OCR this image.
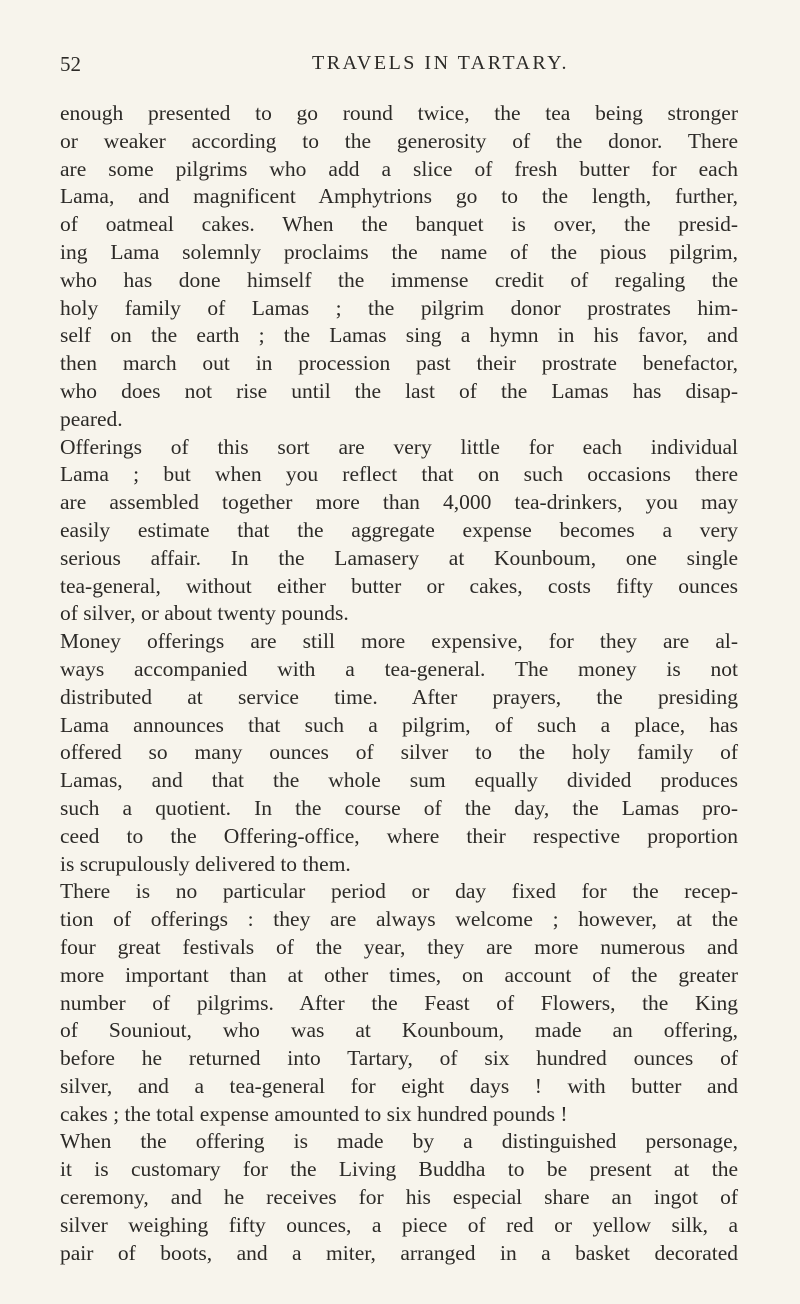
52	TRAVELS IN TARTARY.
enough presented to go round twice, the tea being stronger
or weaker according to the generosity of the donor. There
are some pilgrims who add a slice of fresh butter for each
Lama, and magnificent Amphytrions go to the length, further,
of oatmeal cakes. When the banquet is over, the presid-
ing Lama solemnly proclaims the name of the pious pilgrim,
who has done himself the immense credit of regaling the
holy family of Lamas ; the pilgrim donor prostrates him-
self on the earth ; the Lamas sing a hymn in his favor, and
then march out in procession past their prostrate benefactor,
who does not rise until the last of the Lamas has disap-
peared.
Offerings of this sort are very little for each individual
Lama ; but when you reflect that on such occasions there
are assembled together more than 4,000 tea-drinkers, you may
easily estimate that the aggregate expense becomes a very
serious affair. In the Lamasery at Kounboum, one single
tea-general, without either butter or cakes, costs fifty ounces
of silver, or about twenty pounds.
Money offerings are still more expensive, for they are al-
ways accompanied with a tea-general. The money is not
distributed at service time. After prayers, the presiding
Lama announces that such a pilgrim, of such a place, has
offered so many ounces of silver to the holy family of
Lamas, and that the whole sum equally divided produces
such a quotient. In the course of the day, the Lamas pro-
ceed to the Offering-office, where their respective proportion
is scrupulously delivered to them.
There is no particular period or day fixed for the recep-
tion of offerings : they are always welcome ; however, at the
four great festivals of the year, they are more numerous and
more important than at other times, on account of the greater
number of pilgrims. After the Feast of Flowers, the King
of Souniout, who was at Kounboum, made an offering,
before he returned into Tartary, of six hundred ounces of
silver, and a tea-general for eight days ! with butter and
cakes ; the total expense amounted to six hundred pounds !
When the offering is made by a distinguished personage,
it is customary for the Living Buddha to be present at the
ceremony, and he receives for his especial share an ingot of
silver weighing fifty ounces, a piece of red or yellow silk, a
pair of boots, and a miter, arranged in a basket decorated
